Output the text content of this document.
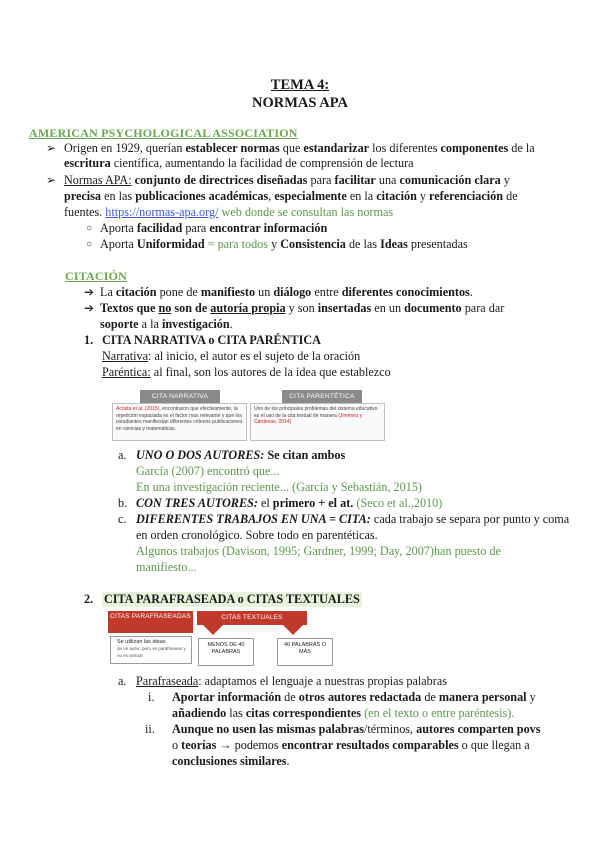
TEMA 4:
NORMAS APA
AMERICAN PSYCHOLOGICAL ASSOCIATION
➢ Origen en 1929, querían establecer normas que estandarizar los diferentes componentes de la
escritura científica, aumentando la facilidad de comprensión de lectura
➢ Normas APA: conjunto de directrices diseñadas para facilitar una comunicación clara y
precisa en las publicaciones académicas, especialmente en la citación y referenciación de
fuentes. https://normas-apa.org/ web donde se consultan las normas
○ Aporta facilidad para encontrar información
○ Aporta Uniformidad = para todos y Consistencia de las Ideas presentadas
CITACIÓN
➔ La citación pone de manifiesto un diálogo entre diferentes conocimientos.
➔ Textos que no son de autoría propia y son insertadas en un documento para dar
soporte a la investigación.
1. CITA NARRATIVA o CITA PARÉNTICA
Narrativa: al inicio, el autor es el sujeto de la oración
Paréntica: al final, son los autores de la idea que establezco
CITA NARRATIVA
Acosta et al. (2015), encontraron que efectivamente, la repetición espaciada es el factor mas relevante y que los estudiantes manifiestan diferentes criterios publicaciones en ciencias y matemáticas.
CITA PARENTÉTICA
Uno de los principales problemas del sistema educativo es el uso de la cita textual de manera (Jiménez y Cárdenas, 2014)
a. UNO O DOS AUTORES: Se citan ambos
García (2007) encontró que...
En una investigación reciente... (García y Sebastián, 2015)
b. CON TRES AUTORES: el primero + el at. (Seco et al.,2010)
c. DIFERENTES TRABAJOS EN UNA = CITA: cada trabajo se separa por punto y coma
en orden cronológico. Sobre todo en parentéticas.
Algunos trabajos (Davison, 1995; Gardner, 1999; Day, 2007)han puesto de
manifiesto...
2. CITA PARAFRASEADA o CITAS TEXTUALES
CITAS PARAFRASEADAS	CITAS TEXTUALES
Se utilizan las ideas
de un autor, pero se parafrasean y no es textual
MENOS DE 40 PALABRAS
40 PALABRAS O MÁS
a. Parafraseada: adaptamos el lenguaje a nuestras propias palabras
i. Aportar información de otros autores redactada de manera personal y
añadiendo las citas correspondientes (en el texto o entre paréntesis).
ii. Aunque no usen las mismas palabras/términos, autores comparten povs
o teorías → podemos encontrar resultados comparables o que llegan a
conclusiones similares.
